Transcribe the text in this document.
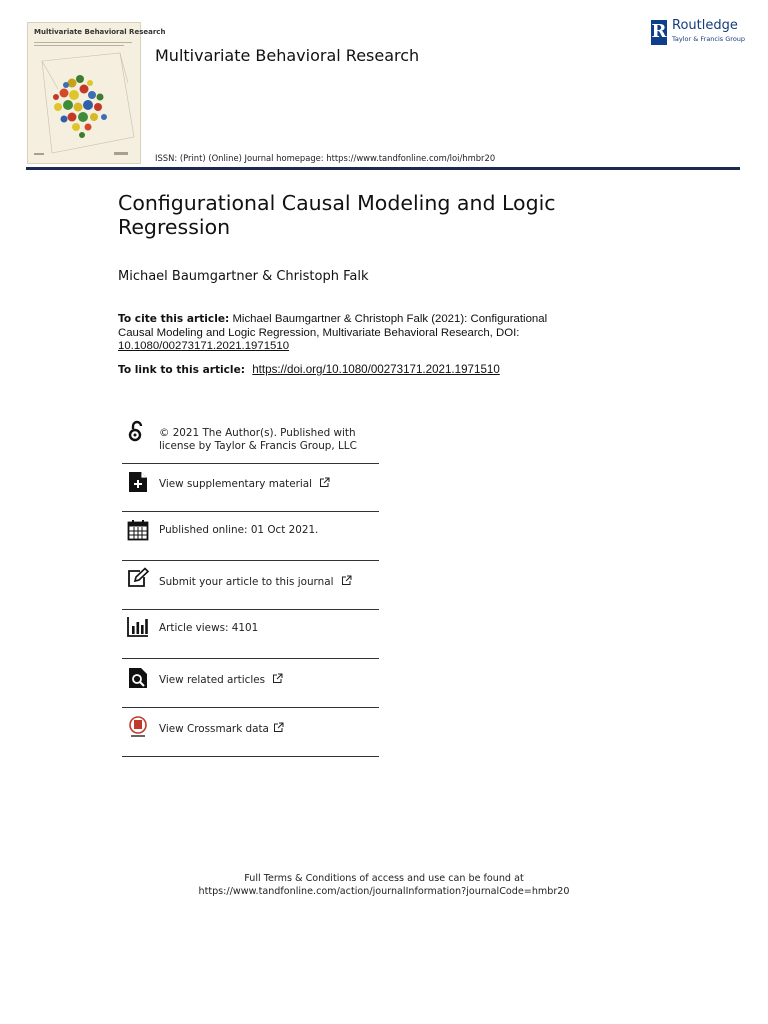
Multivariate Behavioral Research
Multivariate Behavioral Research
ISSN: (Print) (Online) Journal homepage: https://www.tandfonline.com/loi/hmbr20
R Routledge
Taylor & Francis Group
Configurational Causal Modeling and Logic Regression
Michael Baumgartner & Christoph Falk
To cite this article: Michael Baumgartner & Christoph Falk (2021): Configurational Causal Modeling and Logic Regression, Multivariate Behavioral Research, DOI: 10.1080/00273171.2021.1971510
To link to this article: https://doi.org/10.1080/00273171.2021.1971510
© 2021 The Author(s). Published with
license by Taylor & Francis Group, LLC
View supplementary material
Published online: 01 Oct 2021.
Submit your article to this journal
Article views: 4101
View related articles
View Crossmark data
Full Terms & Conditions of access and use can be found at
https://www.tandfonline.com/action/journalInformation?journalCode=hmbr20
